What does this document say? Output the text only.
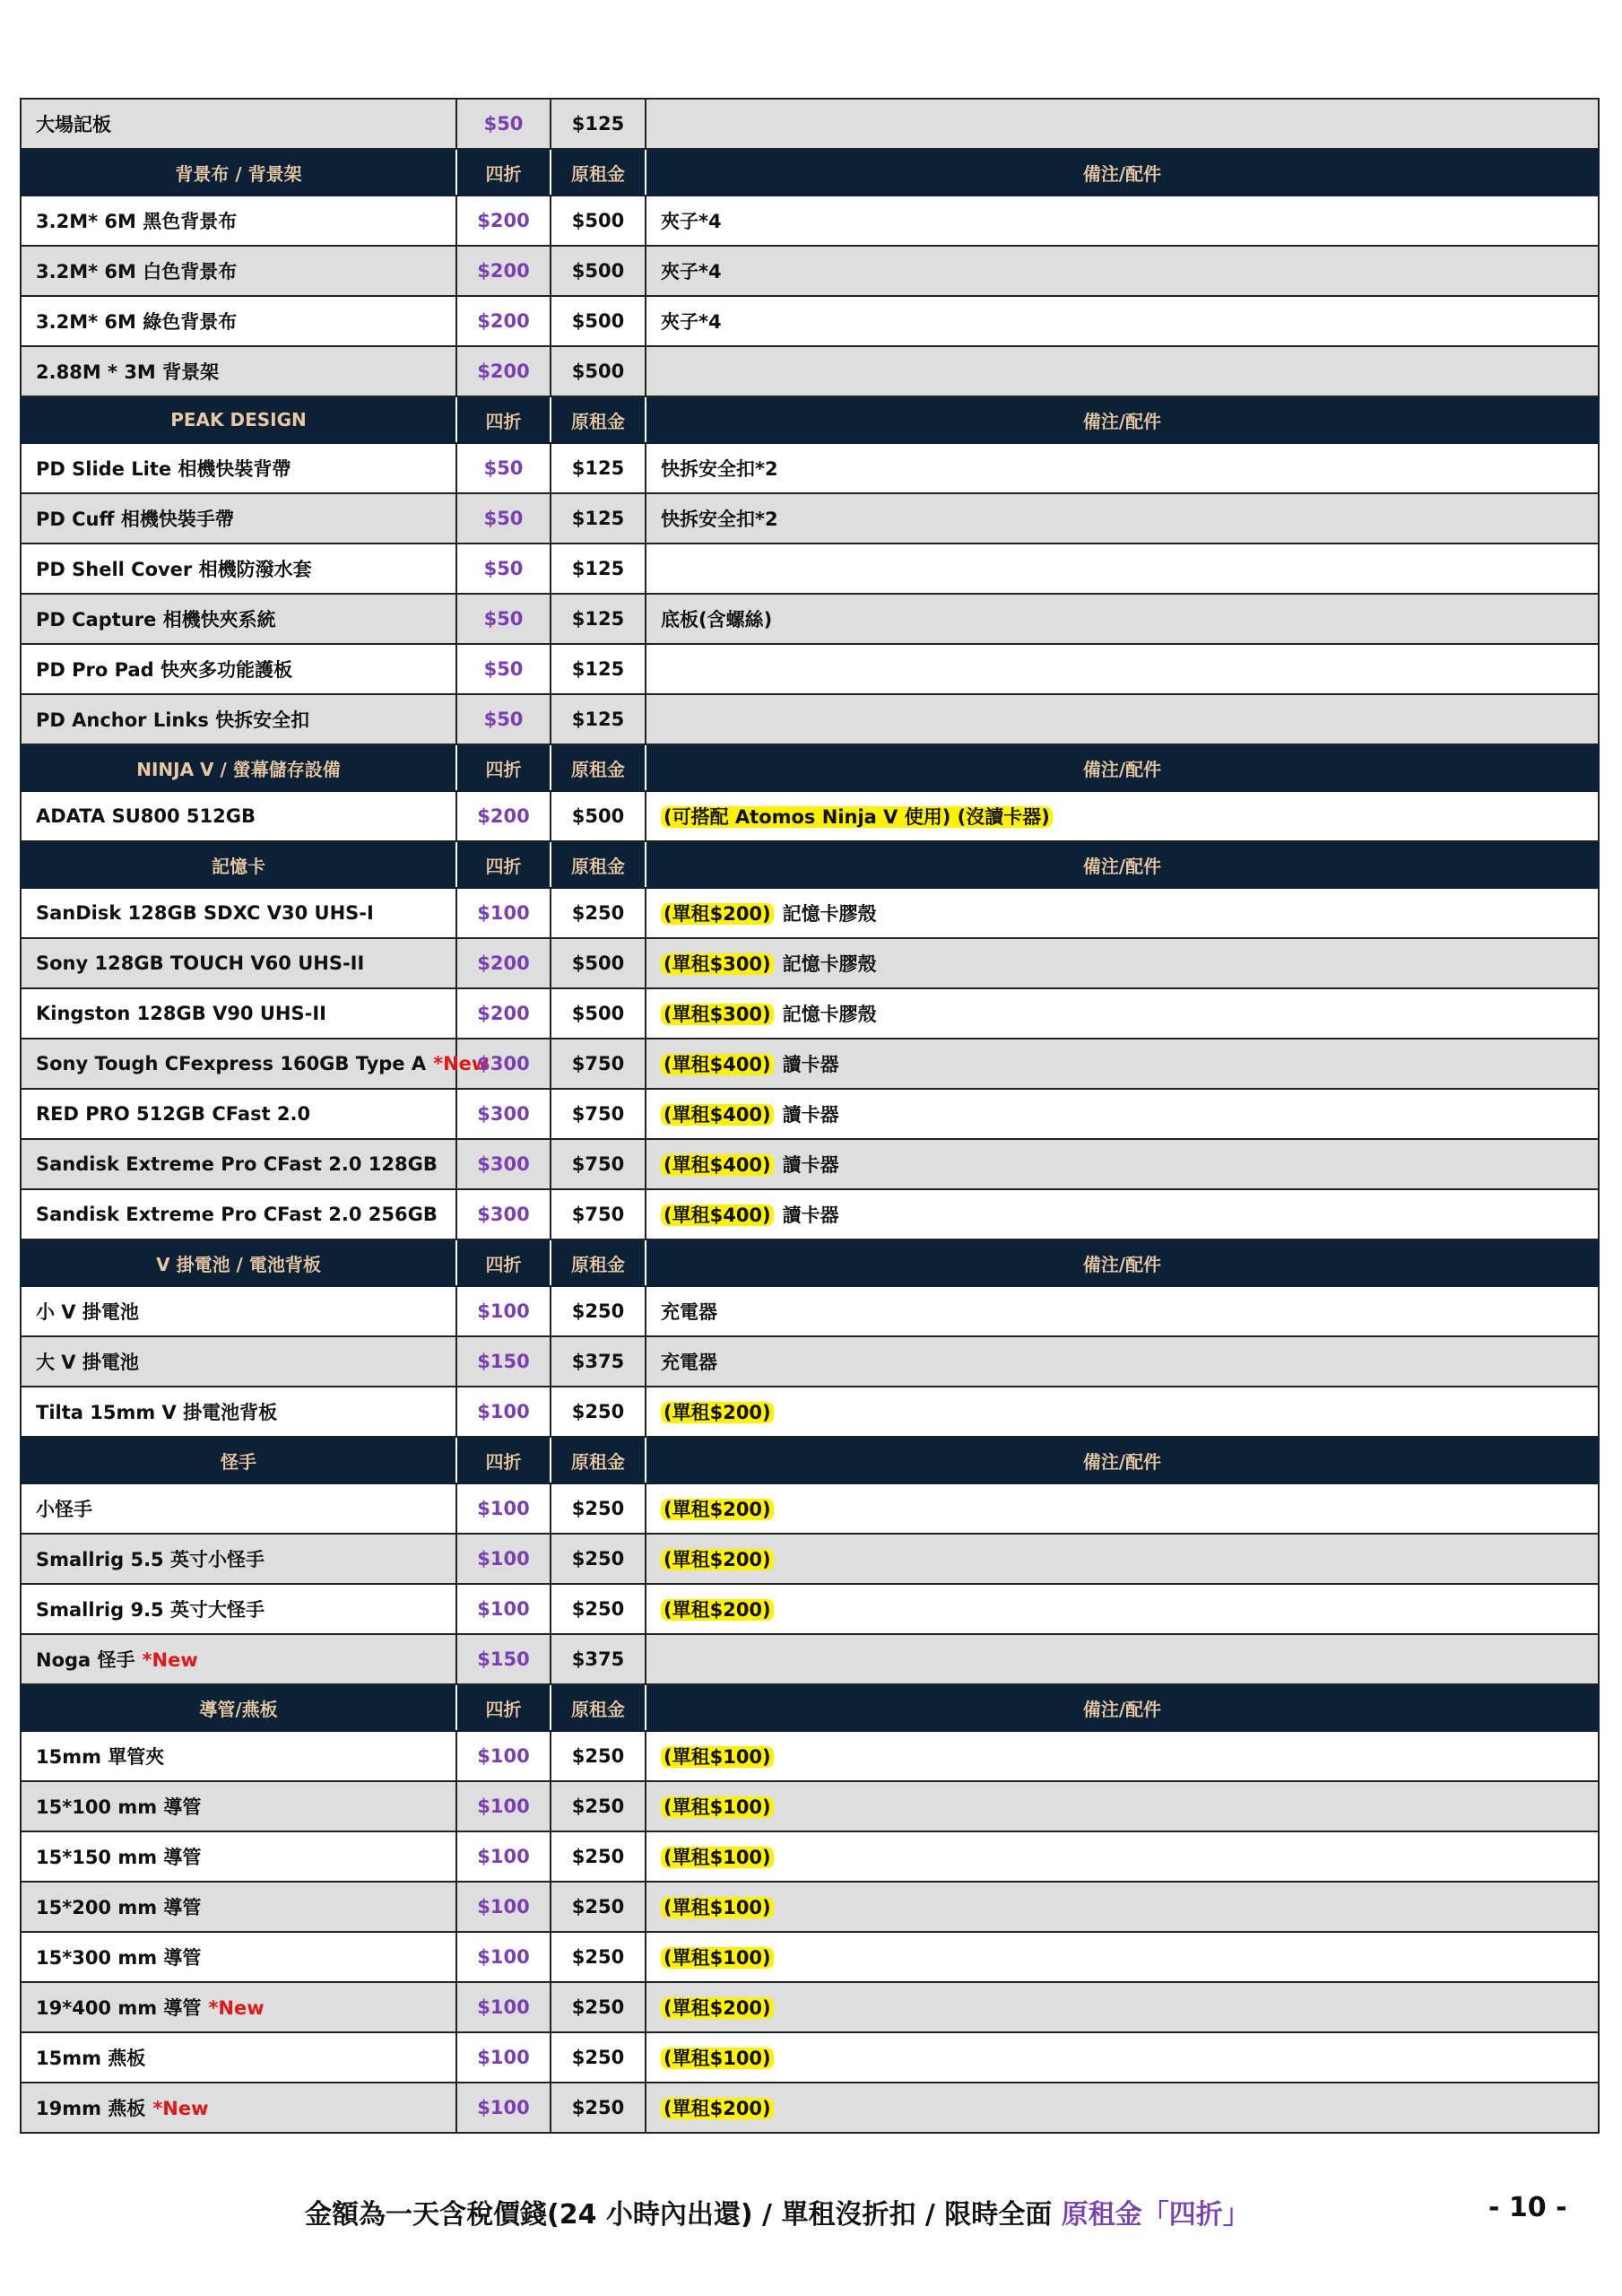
大場記板	$50	$125	
背景布 / 背景架	四折	原租金	備注/配件
3.2M* 6M 黑色背景布	$200	$500	夾子*4
3.2M* 6M 白色背景布	$200	$500	夾子*4
3.2M* 6M 綠色背景布	$200	$500	夾子*4
2.88M * 3M 背景架	$200	$500	
PEAK DESIGN	四折	原租金	備注/配件
PD Slide Lite 相機快裝背帶	$50	$125	快拆安全扣*2
PD Cuff 相機快裝手帶	$50	$125	快拆安全扣*2
PD Shell Cover 相機防潑水套	$50	$125	
PD Capture 相機快夾系統	$50	$125	底板(含螺絲)
PD Pro Pad 快夾多功能護板	$50	$125	
PD Anchor Links 快拆安全扣	$50	$125	
NINJA V / 螢幕儲存設備	四折	原租金	備注/配件
ADATA SU800 512GB	$200	$500	(可搭配 Atomos Ninja V 使用) (沒讀卡器)
記憶卡	四折	原租金	備注/配件
SanDisk 128GB SDXC V30 UHS-I	$100	$250	(單租$200) 記憶卡膠殼
Sony 128GB TOUCH V60 UHS-II	$200	$500	(單租$300) 記憶卡膠殼
Kingston 128GB V90 UHS-II	$200	$500	(單租$300) 記憶卡膠殼
Sony Tough CFexpress 160GB Type A *New	$300	$750	(單租$400) 讀卡器
RED PRO 512GB CFast 2.0	$300	$750	(單租$400) 讀卡器
Sandisk Extreme Pro CFast 2.0 128GB	$300	$750	(單租$400) 讀卡器
Sandisk Extreme Pro CFast 2.0 256GB	$300	$750	(單租$400) 讀卡器
V 掛電池 / 電池背板	四折	原租金	備注/配件
小 V 掛電池	$100	$250	充電器
大 V 掛電池	$150	$375	充電器
Tilta 15mm V 掛電池背板	$100	$250	(單租$200)
怪手	四折	原租金	備注/配件
小怪手	$100	$250	(單租$200)
Smallrig 5.5 英寸小怪手	$100	$250	(單租$200)
Smallrig 9.5 英寸大怪手	$100	$250	(單租$200)
Noga 怪手 *New	$150	$375	
導管/燕板	四折	原租金	備注/配件
15mm 單管夾	$100	$250	(單租$100)
15*100 mm 導管	$100	$250	(單租$100)
15*150 mm 導管	$100	$250	(單租$100)
15*200 mm 導管	$100	$250	(單租$100)
15*300 mm 導管	$100	$250	(單租$100)
19*400 mm 導管 *New	$100	$250	(單租$200)
15mm 燕板	$100	$250	(單租$100)
19mm 燕板 *New	$100	$250	(單租$200)
金額為一天含稅價錢(24 小時內出還) / 單租沒折扣 / 限時全面 原租金「四折」	- 10 -
